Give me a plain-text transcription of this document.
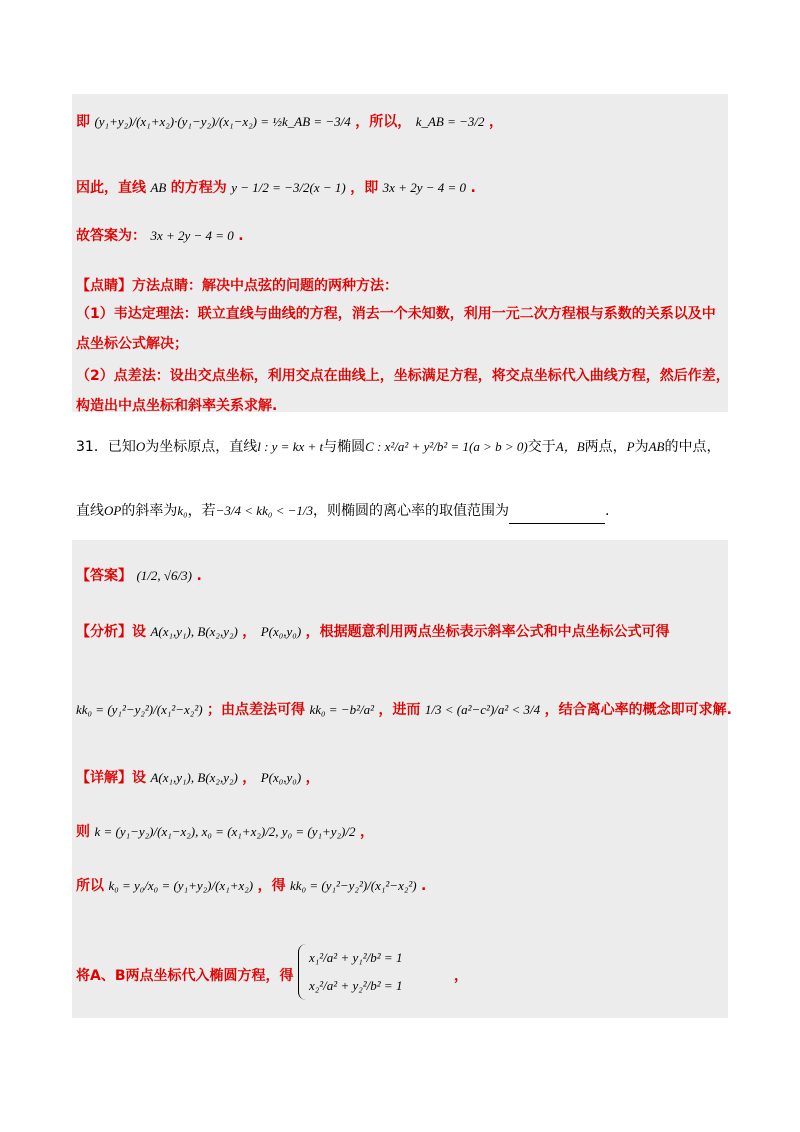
即 (y₁+y₂)/(x₁+x₂)·(y₁−y₂)/(x₁−x₂) = ½k_AB = −3/4 ，所以， k_AB = −3/2 ，
因此，直线 AB 的方程为 y − 1/2 = −3/2(x − 1) ，即 3x + 2y − 4 = 0 .
故答案为： 3x + 2y − 4 = 0 .
【点睛】方法点睛：解决中点弦的问题的两种方法：
（1）韦达定理法：联立直线与曲线的方程，消去一个未知数，利用一元二次方程根与系数的关系以及中
点坐标公式解决；
（2）点差法：设出交点坐标，利用交点在曲线上，坐标满足方程，将交点坐标代入曲线方程，然后作差，
构造出中点坐标和斜率关系求解.
31．已知O为坐标原点，直线l : y = kx + t与椭圆C : x²/a² + y²/b² = 1(a > b > 0)交于A，B两点，P为AB的中点，
直线OP的斜率为k₀，若−3/4 < kk₀ < −1/3，则椭圆的离心率的取值范围为	.
【答案】 (1/2, √6/3) .
【分析】设 A(x₁,y₁), B(x₂,y₂) ， P(x₀,y₀) ，根据题意利用两点坐标表示斜率公式和中点坐标公式可得
kk₀ = (y₁²−y₂²)/(x₁²−x₂²) ；由点差法可得 kk₀ = −b²/a² ，进而 1/3 < (a²−c²)/a² < 3/4 ，结合离心率的概念即可求解.
【详解】设 A(x₁,y₁), B(x₂,y₂) ， P(x₀,y₀) ，
则 k = (y₁−y₂)/(x₁−x₂), x₀ = (x₁+x₂)/2, y₀ = (y₁+y₂)/2 ，
所以 k₀ = y₀/x₀ = (y₁+y₂)/(x₁+x₂) ，得 kk₀ = (y₁²−y₂²)/(x₁²−x₂²) .
将A、B两点坐标代入椭圆方程，得
x₁²/a² + y₁²/b² = 1
x₂²/a² + y₂²/b² = 1
，
